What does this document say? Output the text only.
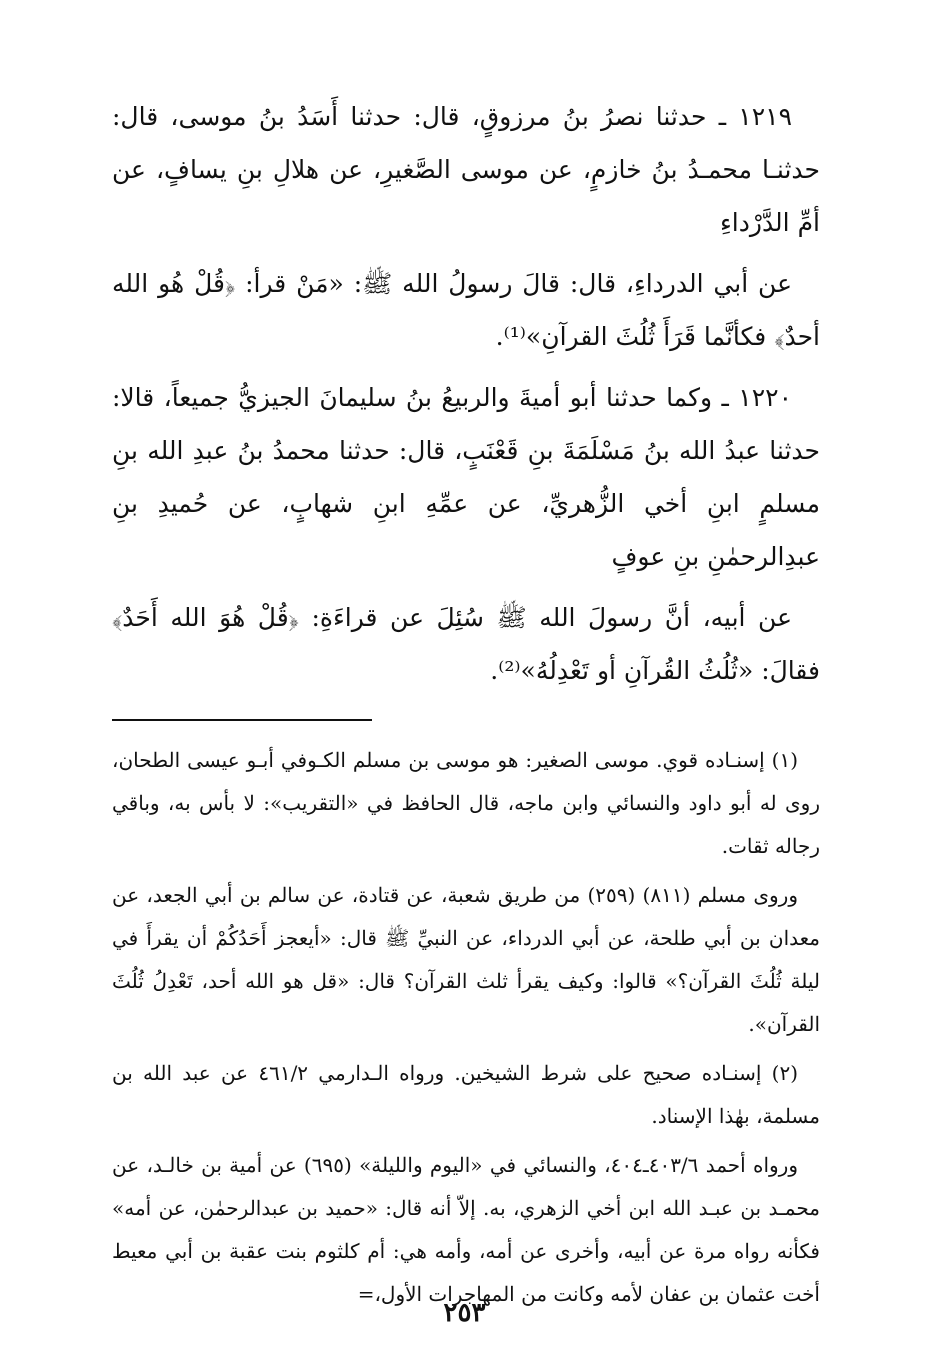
١٢١٩ ـ حدثنا نصرُ بنُ مرزوقٍ، قال: حدثنا أَسَدُ بنُ موسى، قال: حدثنـا محمـدُ بنُ خازمٍ، عن موسى الصَّغيرِ، عن هلالِ بنِ يسافٍ، عن أمِّ الدَّرْداءِ

عن أبي الدرداءِ، قال: قالَ رسولُ الله ﷺ: «مَنْ قرأ: ﴿قُلْ هُو الله أحدٌ﴾ فكأنَّما قَرَأَ ثُلُثَ القرآنِ»⁽¹⁾.

١٢٢٠ ـ وكما حدثنا أبو أميةَ والربيعُ بنُ سليمانَ الجيزيُّ جميعاً، قالا: حدثنا عبدُ الله بنُ مَسْلَمَةَ بنِ قَعْنَبٍ، قال: حدثنا محمدُ بنُ عبدِ الله بنِ مسلمٍ ابنِ أخي الزُّهريِّ، عن عمِّهِ ابنِ شهابٍ، عن حُميدِ بنِ عبدِالرحمٰنِ بنِ عوفٍ

عن أبيه، أنَّ رسولَ الله ﷺ سُئِلَ عن قراءَةِ: ﴿قُلْ هُوَ الله أَحَدٌ﴾ فقالَ: «ثُلُثُ القُرآنِ أو تَعْدِلُهُ»⁽²⁾.

(١) إسنـاده قوي. موسى الصغير: هو موسى بن مسلم الكـوفي أبـو عيسى الطحان، روى له أبو داود والنسائي وابن ماجه، قال الحافظ في «التقريب»: لا بأس به، وباقي رجاله ثقات.

وروى مسلم (٨١١) (٢٥٩) من طريق شعبة، عن قتادة، عن سالم بن أبي الجعد، عن معدان بن أبي طلحة، عن أبي الدرداء، عن النبيِّ ﷺ قال: «أيعجز أَحَدُكُمْ أن يقرأَ في ليلة ثُلُثَ القرآن؟» قالوا: وكيف يقرأ ثلث القرآن؟ قال: «قل هو الله أحد، تَعْدِلُ ثُلُثَ القرآن».

(٢) إسنـاده صحيح على شرط الشيخين. ورواه الـدارمي ٤٦١/٢ عن عبد الله بن مسلمة، بهٰذا الإسناد.

ورواه أحمد ٤٠٣/٦ـ٤٠٤، والنسائي في «اليوم والليلة» (٦٩٥) عن أمية بن خالـد، عن محمـد بن عبـد الله ابن أخي الزهري، به. إلاّ أنه قال: «حميد بن عبدالرحمٰن، عن أمه» فكأنه رواه مرة عن أبيه، وأخرى عن أمه، وأمه هي: أم كلثوم بنت عقبة بن أبي معيط أخت عثمان بن عفان لأمه وكانت من المهاجرات الأول،=

٢٥٣
